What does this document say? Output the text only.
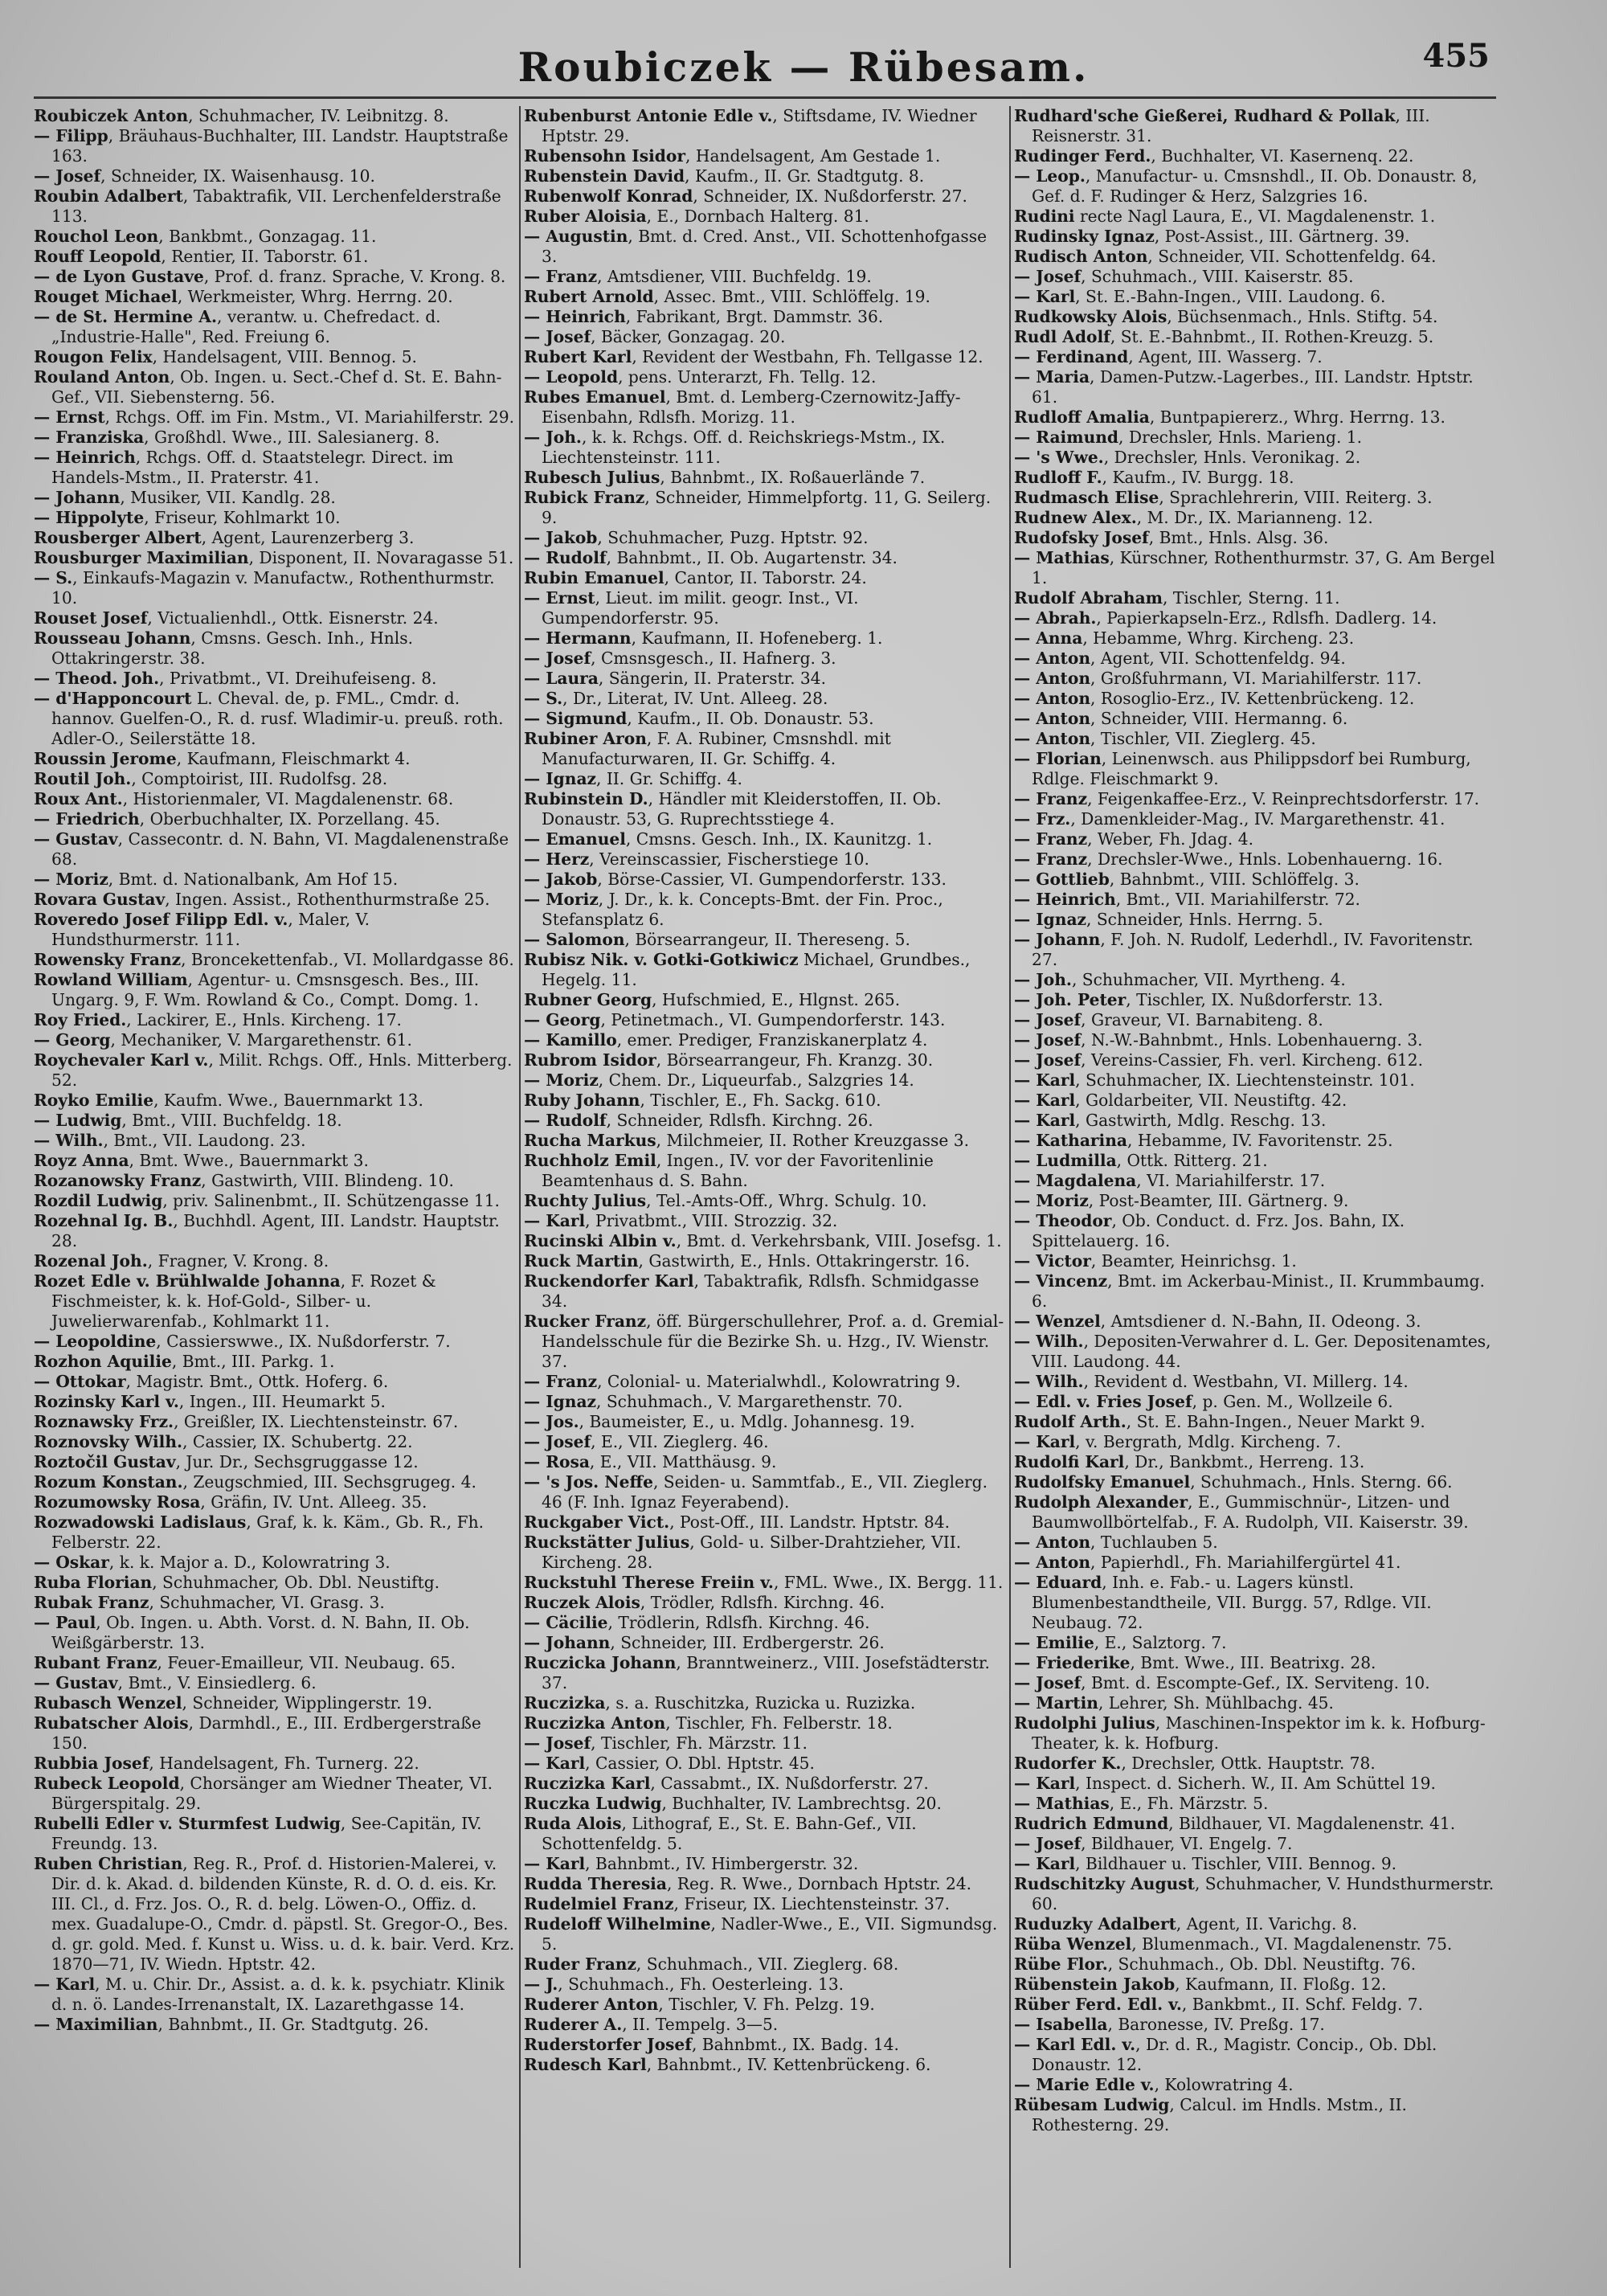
Roubiczek — Rübesam.	455

Roubiczek Anton, Schuhmacher, IV. Leibnitzg. 8.

— Filipp, Bräuhaus-Buchhalter, III. Landstr. Hauptstraße 163.

— Josef, Schneider, IX. Waisenhausg. 10.

Roubin Adalbert, Tabaktrafik, VII. Lerchenfelderstraße 113.

Rouchol Leon, Bankbmt., Gonzagag. 11.

Rouff Leopold, Rentier, II. Taborstr. 61.

— de Lyon Gustave, Prof. d. franz. Sprache, V. Krong. 8.

Rouget Michael, Werkmeister, Whrg. Herrng. 20.

— de St. Hermine A., verantw. u. Chefredact. d. „Industrie-Halle", Red. Freiung 6.

Rougon Felix, Handelsagent, VIII. Bennog. 5.

Rouland Anton, Ob. Ingen. u. Sect.-Chef d. St. E. Bahn-Gef., VII. Siebensterng. 56.

— Ernst, Rchgs. Off. im Fin. Mstm., VI. Mariahilferstr. 29.

— Franziska, Großhdl. Wwe., III. Salesianerg. 8.

— Heinrich, Rchgs. Off. d. Staatstelegr. Direct. im Handels-Mstm., II. Praterstr. 41.

— Johann, Musiker, VII. Kandlg. 28.

— Hippolyte, Friseur, Kohlmarkt 10.

Rousberger Albert, Agent, Laurenzerberg 3.

Rousburger Maximilian, Disponent, II. Novaragasse 51.

— S., Einkaufs-Magazin v. Manufactw., Rothenthurmstr. 10.

Rouset Josef, Victualienhdl., Ottk. Eisnerstr. 24.

Rousseau Johann, Cmsns. Gesch. Inh., Hnls. Ottakringerstr. 38.

— Theod. Joh., Privatbmt., VI. Dreihufeiseng. 8.

— d'Happoncourt L. Cheval. de, p. FML., Cmdr. d. hannov. Guelfen-O., R. d. rusf. Wladimir-u. preuß. roth. Adler-O., Seilerstätte 18.

Roussin Jerome, Kaufmann, Fleischmarkt 4.

Routil Joh., Comptoirist, III. Rudolfsg. 28.

Roux Ant., Historienmaler, VI. Magdalenenstr. 68.

— Friedrich, Oberbuchhalter, IX. Porzellang. 45.

— Gustav, Cassecontr. d. N. Bahn, VI. Magdalenenstraße 68.

— Moriz, Bmt. d. Nationalbank, Am Hof 15.

Rovara Gustav, Ingen. Assist., Rothenthurmstraße 25.

Roveredo Josef Filipp Edl. v., Maler, V. Hundsthurmerstr. 111.

Rowensky Franz, Broncekettenfab., VI. Mollardgasse 86.

Rowland William, Agentur- u. Cmsnsgesch. Bes., III. Ungarg. 9, F. Wm. Rowland & Co., Compt. Domg. 1.

Roy Fried., Lackirer, E., Hnls. Kircheng. 17.

— Georg, Mechaniker, V. Margarethenstr. 61.

Roychevaler Karl v., Milit. Rchgs. Off., Hnls. Mitterberg. 52.

Royko Emilie, Kaufm. Wwe., Bauernmarkt 13.

— Ludwig, Bmt., VIII. Buchfeldg. 18.

— Wilh., Bmt., VII. Laudong. 23.

Royz Anna, Bmt. Wwe., Bauernmarkt 3.

Rozanowsky Franz, Gastwirth, VIII. Blindeng. 10.

Rozdil Ludwig, priv. Salinenbmt., II. Schützengasse 11.

Rozehnal Ig. B., Buchhdl. Agent, III. Landstr. Hauptstr. 28.

Rozenal Joh., Fragner, V. Krong. 8.

Rozet Edle v. Brühlwalde Johanna, F. Rozet & Fischmeister, k. k. Hof-Gold-, Silber- u. Juwelierwarenfab., Kohlmarkt 11.

— Leopoldine, Cassierswwe., IX. Nußdorferstr. 7.

Rozhon Aquilie, Bmt., III. Parkg. 1.

— Ottokar, Magistr. Bmt., Ottk. Hoferg. 6.

Rozinsky Karl v., Ingen., III. Heumarkt 5.

Roznawsky Frz., Greißler, IX. Liechtensteinstr. 67.

Roznovsky Wilh., Cassier, IX. Schubertg. 22.

Roztočil Gustav, Jur. Dr., Sechsgruggasse 12.

Rozum Konstan., Zeugschmied, III. Sechsgrugeg. 4.

Rozumowsky Rosa, Gräfin, IV. Unt. Alleeg. 35.

Rozwadowski Ladislaus, Graf, k. k. Käm., Gb. R., Fh. Felberstr. 22.

— Oskar, k. k. Major a. D., Kolowratring 3.

Ruba Florian, Schuhmacher, Ob. Dbl. Neustiftg.

Rubak Franz, Schuhmacher, VI. Grasg. 3.

— Paul, Ob. Ingen. u. Abth. Vorst. d. N. Bahn, II. Ob. Weißgärberstr. 13.

Rubant Franz, Feuer-Emailleur, VII. Neubaug. 65.

— Gustav, Bmt., V. Einsiedlerg. 6.

Rubasch Wenzel, Schneider, Wipplingerstr. 19.

Rubatscher Alois, Darmhdl., E., III. Erdbergerstraße 150.

Rubbia Josef, Handelsagent, Fh. Turnerg. 22.

Rubeck Leopold, Chorsänger am Wiedner Theater, VI. Bürgerspitalg. 29.

Rubelli Edler v. Sturmfest Ludwig, See-Capitän, IV. Freundg. 13.

Ruben Christian, Reg. R., Prof. d. Historien-Malerei, v. Dir. d. k. Akad. d. bildenden Künste, R. d. O. d. eis. Kr. III. Cl., d. Frz. Jos. O., R. d. belg. Löwen-O., Offiz. d. mex. Guadalupe-O., Cmdr. d. päpstl. St. Gregor-O., Bes. d. gr. gold. Med. f. Kunst u. Wiss. u. d. k. bair. Verd. Krz. 1870—71, IV. Wiedn. Hptstr. 42.

— Karl, M. u. Chir. Dr., Assist. a. d. k. k. psychiatr. Klinik d. n. ö. Landes-Irrenanstalt, IX. Lazarethgasse 14.

— Maximilian, Bahnbmt., II. Gr. Stadtgutg. 26.

Rubenburst Antonie Edle v., Stiftsdame, IV. Wiedner Hptstr. 29.

Rubensohn Isidor, Handelsagent, Am Gestade 1.

Rubenstein David, Kaufm., II. Gr. Stadtgutg. 8.

Rubenwolf Konrad, Schneider, IX. Nußdorferstr. 27.

Ruber Aloisia, E., Dornbach Halterg. 81.

— Augustin, Bmt. d. Cred. Anst., VII. Schottenhofgasse 3.

— Franz, Amtsdiener, VIII. Buchfeldg. 19.

Rubert Arnold, Assec. Bmt., VIII. Schlöffelg. 19.

— Heinrich, Fabrikant, Brgt. Dammstr. 36.

— Josef, Bäcker, Gonzagag. 20.

Rubert Karl, Revident der Westbahn, Fh. Tellgasse 12.

— Leopold, pens. Unterarzt, Fh. Tellg. 12.

Rubes Emanuel, Bmt. d. Lemberg-Czernowitz-Jaffy-Eisenbahn, Rdlsfh. Morizg. 11.

— Joh., k. k. Rchgs. Off. d. Reichskriegs-Mstm., IX. Liechtensteinstr. 111.

Rubesch Julius, Bahnbmt., IX. Roßauerlände 7.

Rubick Franz, Schneider, Himmelpfortg. 11, G. Seilerg. 9.

— Jakob, Schuhmacher, Puzg. Hptstr. 92.

— Rudolf, Bahnbmt., II. Ob. Augartenstr. 34.

Rubin Emanuel, Cantor, II. Taborstr. 24.

— Ernst, Lieut. im milit. geogr. Inst., VI. Gumpendorferstr. 95.

— Hermann, Kaufmann, II. Hofeneberg. 1.

— Josef, Cmsnsgesch., II. Hafnerg. 3.

— Laura, Sängerin, II. Praterstr. 34.

— S., Dr., Literat, IV. Unt. Alleeg. 28.

— Sigmund, Kaufm., II. Ob. Donaustr. 53.

Rubiner Aron, F. A. Rubiner, Cmsnshdl. mit Manufacturwaren, II. Gr. Schiffg. 4.

— Ignaz, II. Gr. Schiffg. 4.

Rubinstein D., Händler mit Kleiderstoffen, II. Ob. Donaustr. 53, G. Ruprechtsstiege 4.

— Emanuel, Cmsns. Gesch. Inh., IX. Kaunitzg. 1.

— Herz, Vereinscassier, Fischerstiege 10.

— Jakob, Börse-Cassier, VI. Gumpendorferstr. 133.

— Moriz, J. Dr., k. k. Concepts-Bmt. der Fin. Proc., Stefansplatz 6.

— Salomon, Börsearrangeur, II. Thereseng. 5.

Rubisz Nik. v. Gotki-Gotkiwicz Michael, Grundbes., Hegelg. 11.

Rubner Georg, Hufschmied, E., Hlgnst. 265.

— Georg, Petinetmach., VI. Gumpendorferstr. 143.

— Kamillo, emer. Prediger, Franziskanerplatz 4.

Rubrom Isidor, Börsearrangeur, Fh. Kranzg. 30.

— Moriz, Chem. Dr., Liqueurfab., Salzgries 14.

Ruby Johann, Tischler, E., Fh. Sackg. 610.

— Rudolf, Schneider, Rdlsfh. Kirchng. 26.

Rucha Markus, Milchmeier, II. Rother Kreuzgasse 3.

Ruchholz Emil, Ingen., IV. vor der Favoritenlinie Beamtenhaus d. S. Bahn.

Ruchty Julius, Tel.-Amts-Off., Whrg. Schulg. 10.

— Karl, Privatbmt., VIII. Strozzig. 32.

Rucinski Albin v., Bmt. d. Verkehrsbank, VIII. Josefsg. 1.

Ruck Martin, Gastwirth, E., Hnls. Ottakringerstr. 16.

Ruckendorfer Karl, Tabaktrafik, Rdlsfh. Schmidgasse 34.

Rucker Franz, öff. Bürgerschullehrer, Prof. a. d. Gremial-Handelsschule für die Bezirke Sh. u. Hzg., IV. Wienstr. 37.

— Franz, Colonial- u. Materialwhdl., Kolowratring 9.

— Ignaz, Schuhmach., V. Margarethenstr. 70.

— Jos., Baumeister, E., u. Mdlg. Johannesg. 19.

— Josef, E., VII. Zieglerg. 46.

— Rosa, E., VII. Matthäusg. 9.

— 's Jos. Neffe, Seiden- u. Sammtfab., E., VII. Zieglerg. 46 (F. Inh. Ignaz Feyerabend).

Ruckgaber Vict., Post-Off., III. Landstr. Hptstr. 84.

Ruckstätter Julius, Gold- u. Silber-Drahtzieher, VII. Kircheng. 28.

Ruckstuhl Therese Freiin v., FML. Wwe., IX. Bergg. 11.

Ruczek Alois, Trödler, Rdlsfh. Kirchng. 46.

— Cäcilie, Trödlerin, Rdlsfh. Kirchng. 46.

— Johann, Schneider, III. Erdbergerstr. 26.

Ruczicka Johann, Branntweinerz., VIII. Josefstädterstr. 37.

Ruczizka, s. a. Ruschitzka, Ruzicka u. Ruzizka.

Ruczizka Anton, Tischler, Fh. Felberstr. 18.

— Josef, Tischler, Fh. Märzstr. 11.

— Karl, Cassier, O. Dbl. Hptstr. 45.

Ruczizka Karl, Cassabmt., IX. Nußdorferstr. 27.

Ruczka Ludwig, Buchhalter, IV. Lambrechtsg. 20.

Ruda Alois, Lithograf, E., St. E. Bahn-Gef., VII. Schottenfeldg. 5.

— Karl, Bahnbmt., IV. Himbergerstr. 32.

Rudda Theresia, Reg. R. Wwe., Dornbach Hptstr. 24.

Rudelmiel Franz, Friseur, IX. Liechtensteinstr. 37.

Rudeloff Wilhelmine, Nadler-Wwe., E., VII. Sigmundsg. 5.

Ruder Franz, Schuhmach., VII. Zieglerg. 68.

— J., Schuhmach., Fh. Oesterleing. 13.

Ruderer Anton, Tischler, V. Fh. Pelzg. 19.

Ruderer A., II. Tempelg. 3—5.

Ruderstorfer Josef, Bahnbmt., IX. Badg. 14.

Rudesch Karl, Bahnbmt., IV. Kettenbrückeng. 6.

Rudhard'sche Gießerei, Rudhard & Pollak, III. Reisnerstr. 31.

Rudinger Ferd., Buchhalter, VI. Kasernenq. 22.

— Leop., Manufactur- u. Cmsnshdl., II. Ob. Donaustr. 8, Gef. d. F. Rudinger & Herz, Salzgries 16.

Rudini recte Nagl Laura, E., VI. Magdalenenstr. 1.

Rudinsky Ignaz, Post-Assist., III. Gärtnerg. 39.

Rudisch Anton, Schneider, VII. Schottenfeldg. 64.

— Josef, Schuhmach., VIII. Kaiserstr. 85.

— Karl, St. E.-Bahn-Ingen., VIII. Laudong. 6.

Rudkowsky Alois, Büchsenmach., Hnls. Stiftg. 54.

Rudl Adolf, St. E.-Bahnbmt., II. Rothen-Kreuzg. 5.

— Ferdinand, Agent, III. Wasserg. 7.

— Maria, Damen-Putzw.-Lagerbes., III. Landstr. Hptstr. 61.

Rudloff Amalia, Buntpapiererz., Whrg. Herrng. 13.

— Raimund, Drechsler, Hnls. Marieng. 1.

— 's Wwe., Drechsler, Hnls. Veronikag. 2.

Rudloff F., Kaufm., IV. Burgg. 18.

Rudmasch Elise, Sprachlehrerin, VIII. Reiterg. 3.

Rudnew Alex., M. Dr., IX. Marianneng. 12.

Rudofsky Josef, Bmt., Hnls. Alsg. 36.

— Mathias, Kürschner, Rothenthurmstr. 37, G. Am Bergel 1.

Rudolf Abraham, Tischler, Sterng. 11.

— Abrah., Papierkapseln-Erz., Rdlsfh. Dadlerg. 14.

— Anna, Hebamme, Whrg. Kircheng. 23.

— Anton, Agent, VII. Schottenfeldg. 94.

— Anton, Großfuhrmann, VI. Mariahilferstr. 117.

— Anton, Rosoglio-Erz., IV. Kettenbrückeng. 12.

— Anton, Schneider, VIII. Hermanng. 6.

— Anton, Tischler, VII. Zieglerg. 45.

— Florian, Leinenwsch. aus Philippsdorf bei Rumburg, Rdlge. Fleischmarkt 9.

— Franz, Feigenkaffee-Erz., V. Reinprechtsdorferstr. 17.

— Frz., Damenkleider-Mag., IV. Margarethenstr. 41.

— Franz, Weber, Fh. Jdag. 4.

— Franz, Drechsler-Wwe., Hnls. Lobenhauerng. 16.

— Gottlieb, Bahnbmt., VIII. Schlöffelg. 3.

— Heinrich, Bmt., VII. Mariahilferstr. 72.

— Ignaz, Schneider, Hnls. Herrng. 5.

— Johann, F. Joh. N. Rudolf, Lederhdl., IV. Favoritenstr. 27.

— Joh., Schuhmacher, VII. Myrtheng. 4.

— Joh. Peter, Tischler, IX. Nußdorferstr. 13.

— Josef, Graveur, VI. Barnabiteng. 8.

— Josef, N.-W.-Bahnbmt., Hnls. Lobenhauerng. 3.

— Josef, Vereins-Cassier, Fh. verl. Kircheng. 612.

— Karl, Schuhmacher, IX. Liechtensteinstr. 101.

— Karl, Goldarbeiter, VII. Neustiftg. 42.

— Karl, Gastwirth, Mdlg. Reschg. 13.

— Katharina, Hebamme, IV. Favoritenstr. 25.

— Ludmilla, Ottk. Ritterg. 21.

— Magdalena, VI. Mariahilferstr. 17.

— Moriz, Post-Beamter, III. Gärtnerg. 9.

— Theodor, Ob. Conduct. d. Frz. Jos. Bahn, IX. Spittelauerg. 16.

— Victor, Beamter, Heinrichsg. 1.

— Vincenz, Bmt. im Ackerbau-Minist., II. Krummbaumg. 6.

— Wenzel, Amtsdiener d. N.-Bahn, II. Odeong. 3.

— Wilh., Depositen-Verwahrer d. L. Ger. Depositenamtes, VIII. Laudong. 44.

— Wilh., Revident d. Westbahn, VI. Millerg. 14.

— Edl. v. Fries Josef, p. Gen. M., Wollzeile 6.

Rudolf Arth., St. E. Bahn-Ingen., Neuer Markt 9.

— Karl, v. Bergrath, Mdlg. Kircheng. 7.

Rudolfi Karl, Dr., Bankbmt., Herreng. 13.

Rudolfsky Emanuel, Schuhmach., Hnls. Sterng. 66.

Rudolph Alexander, E., Gummischnür-, Litzen- und Baumwollbörtelfab., F. A. Rudolph, VII. Kaiserstr. 39.

— Anton, Tuchlauben 5.

— Anton, Papierhdl., Fh. Mariahilfergürtel 41.

— Eduard, Inh. e. Fab.- u. Lagers künstl. Blumenbestandtheile, VII. Burgg. 57, Rdlge. VII. Neubaug. 72.

— Emilie, E., Salztorg. 7.

— Friederike, Bmt. Wwe., III. Beatrixg. 28.

— Josef, Bmt. d. Escompte-Gef., IX. Serviteng. 10.

— Martin, Lehrer, Sh. Mühlbachg. 45.

Rudolphi Julius, Maschinen-Inspektor im k. k. Hofburg-Theater, k. k. Hofburg.

Rudorfer K., Drechsler, Ottk. Hauptstr. 78.

— Karl, Inspect. d. Sicherh. W., II. Am Schüttel 19.

— Mathias, E., Fh. Märzstr. 5.

Rudrich Edmund, Bildhauer, VI. Magdalenenstr. 41.

— Josef, Bildhauer, VI. Engelg. 7.

— Karl, Bildhauer u. Tischler, VIII. Bennog. 9.

Rudschitzky August, Schuhmacher, V. Hundsthurmerstr. 60.

Ruduzky Adalbert, Agent, II. Varichg. 8.

Rüba Wenzel, Blumenmach., VI. Magdalenenstr. 75.

Rübe Flor., Schuhmach., Ob. Dbl. Neustiftg. 76.

Rübenstein Jakob, Kaufmann, II. Floßg. 12.

Rüber Ferd. Edl. v., Bankbmt., II. Schf. Feldg. 7.

— Isabella, Baronesse, IV. Preßg. 17.

— Karl Edl. v., Dr. d. R., Magistr. Concip., Ob. Dbl. Donaustr. 12.

— Marie Edle v., Kolowratring 4.

Rübesam Ludwig, Calcul. im Hndls. Mstm., II. Rothesterng. 29.
